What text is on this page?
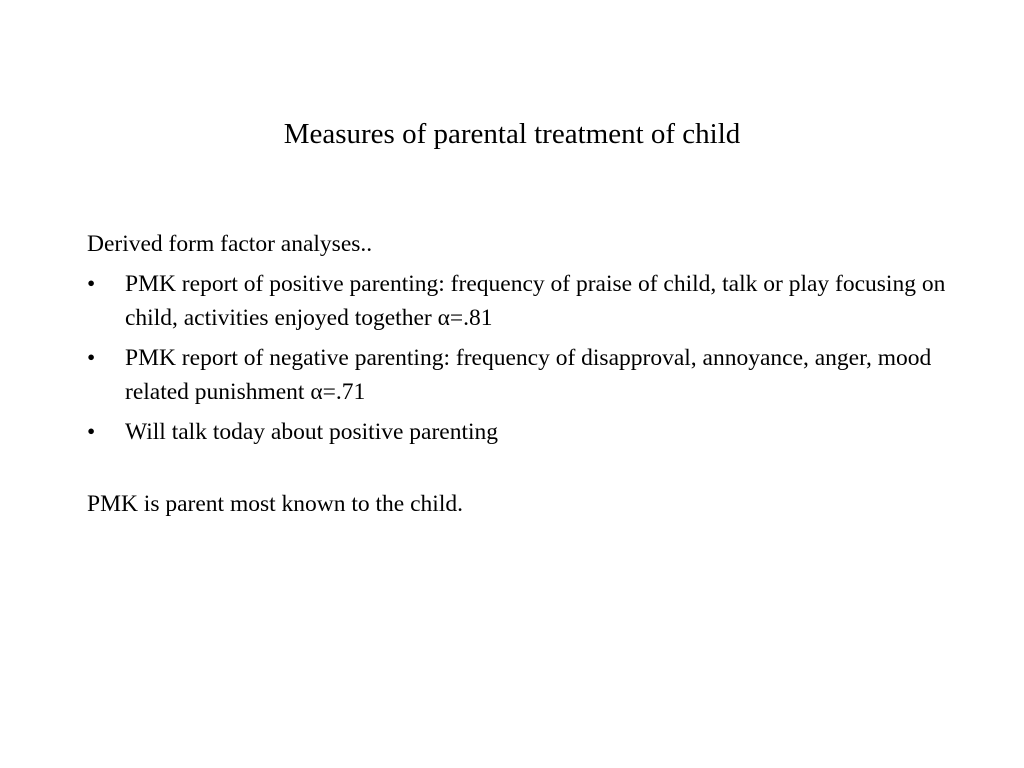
Measures of parental treatment of child

Derived form factor analyses..

• PMK report of positive parenting: frequency of praise of child, talk or play focusing on child, activities enjoyed together α=.81
• PMK report of negative parenting: frequency of disapproval, annoyance, anger, mood related punishment α=.71
• Will talk today about positive parenting

PMK is parent most known to the child.
